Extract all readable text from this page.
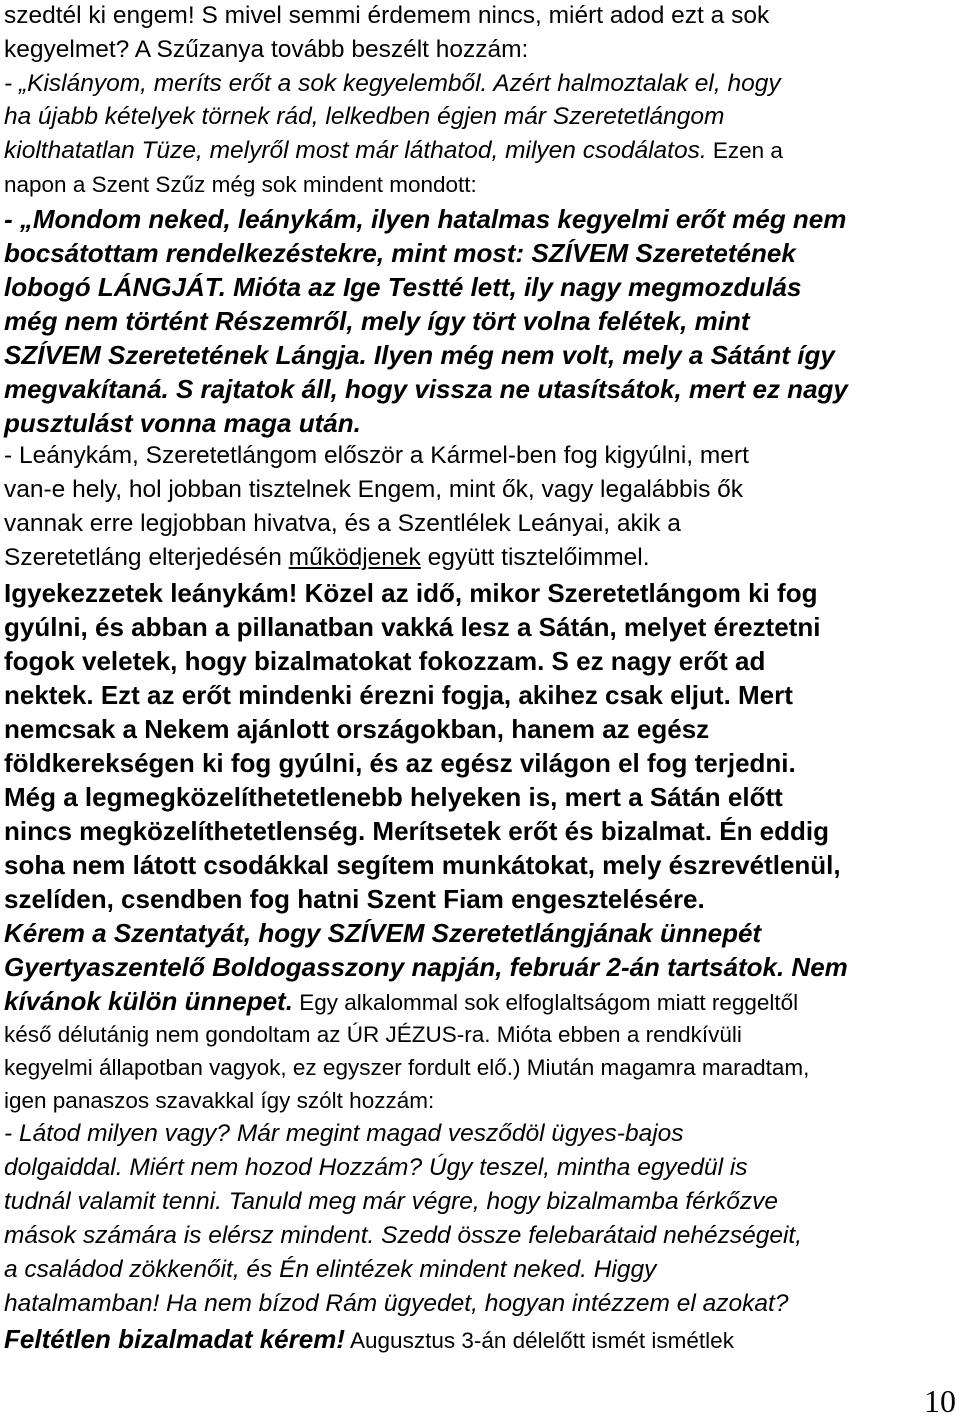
szedtél ki engem! S mivel semmi érdemem nincs, miért adod ezt a sok
kegyelmet? A Szűzanya tovább beszélt hozzám:
- „Kislányom, meríts erőt a sok kegyelemből. Azért halmoztalak el, hogy
ha újabb kételyek törnek rád, lelkedben égjen már Szeretetlángom
kiolthatatlan Tüze, melyről most már láthatod, milyen csodálatos. Ezen a
napon a Szent Szűz még sok mindent mondott:
- „Mondom neked, leánykám, ilyen hatalmas kegyelmi erőt még nem
bocsátottam rendelkezéstekre, mint most: SZÍVEM Szeretetének
lobogó LÁNGJÁT. Mióta az Ige Testté lett, ily nagy megmozdulás
még nem történt Részemről, mely így tört volna felétek, mint
SZÍVEM Szeretetének Lángja. Ilyen még nem volt, mely a Sátánt így
megvakítaná. S rajtatok áll, hogy vissza ne utasítsátok, mert ez nagy
pusztulást vonna maga után.
- Leánykám, Szeretetlángom először a Kármel-ben fog kigyúlni, mert
van-e hely, hol jobban tisztelnek Engem, mint ők, vagy legalábbis ők
vannak erre legjobban hivatva, és a Szentlélek Leányai, akik a
Szeretetláng elterjedésén működjenek együtt tisztelőimmel.
Igyekezzetek leánykám! Közel az idő, mikor Szeretetlángom ki fog
gyúlni, és abban a pillanatban vakká lesz a Sátán, melyet éreztetni
fogok veletek, hogy bizalmatokat fokozzam. S ez nagy erőt ad
nektek. Ezt az erőt mindenki érezni fogja, akihez csak eljut. Mert
nemcsak a Nekem ajánlott országokban, hanem az egész
földkerekségen ki fog gyúlni, és az egész világon el fog terjedni.
Még a legmegközelíthetetlenebb helyeken is, mert a Sátán előtt
nincs megközelíthetetlenség. Merítsetek erőt és bizalmat. Én eddig
soha nem látott csodákkal segítem munkátokat, mely észrevétlenül,
szelíden, csendben fog hatni Szent Fiam engesztelésére.
Kérem a Szentatyát, hogy SZÍVEM Szeretetlángjának ünnepét
Gyertyaszentelő Boldogasszony napján, február 2-án tartsátok. Nem
kívánok külön ünnepet. Egy alkalommal sok elfoglaltságom miatt reggeltől
késő délutánig nem gondoltam az ÚR JÉZUS-ra. Mióta ebben a rendkívüli
kegyelmi állapotban vagyok, ez egyszer fordult elő.) Miután magamra maradtam,
igen panaszos szavakkal így szólt hozzám:
- Látod milyen vagy? Már megint magad vesződöl ügyes-bajos
dolgaiddal. Miért nem hozod Hozzám? Úgy teszel, mintha egyedül is
tudnál valamit tenni. Tanuld meg már végre, hogy bizalmamba férkőzve
mások számára is elérsz mindent. Szedd össze felebarátaid nehézségeit,
a családod zökkenőit, és Én elintézek mindent neked. Higgy
hatalmamban! Ha nem bízod Rám ügyedet, hogyan intézzem el azokat?
Feltétlen bizalmadat kérem! Augusztus 3-án délelőtt ismét ismétlek
10
